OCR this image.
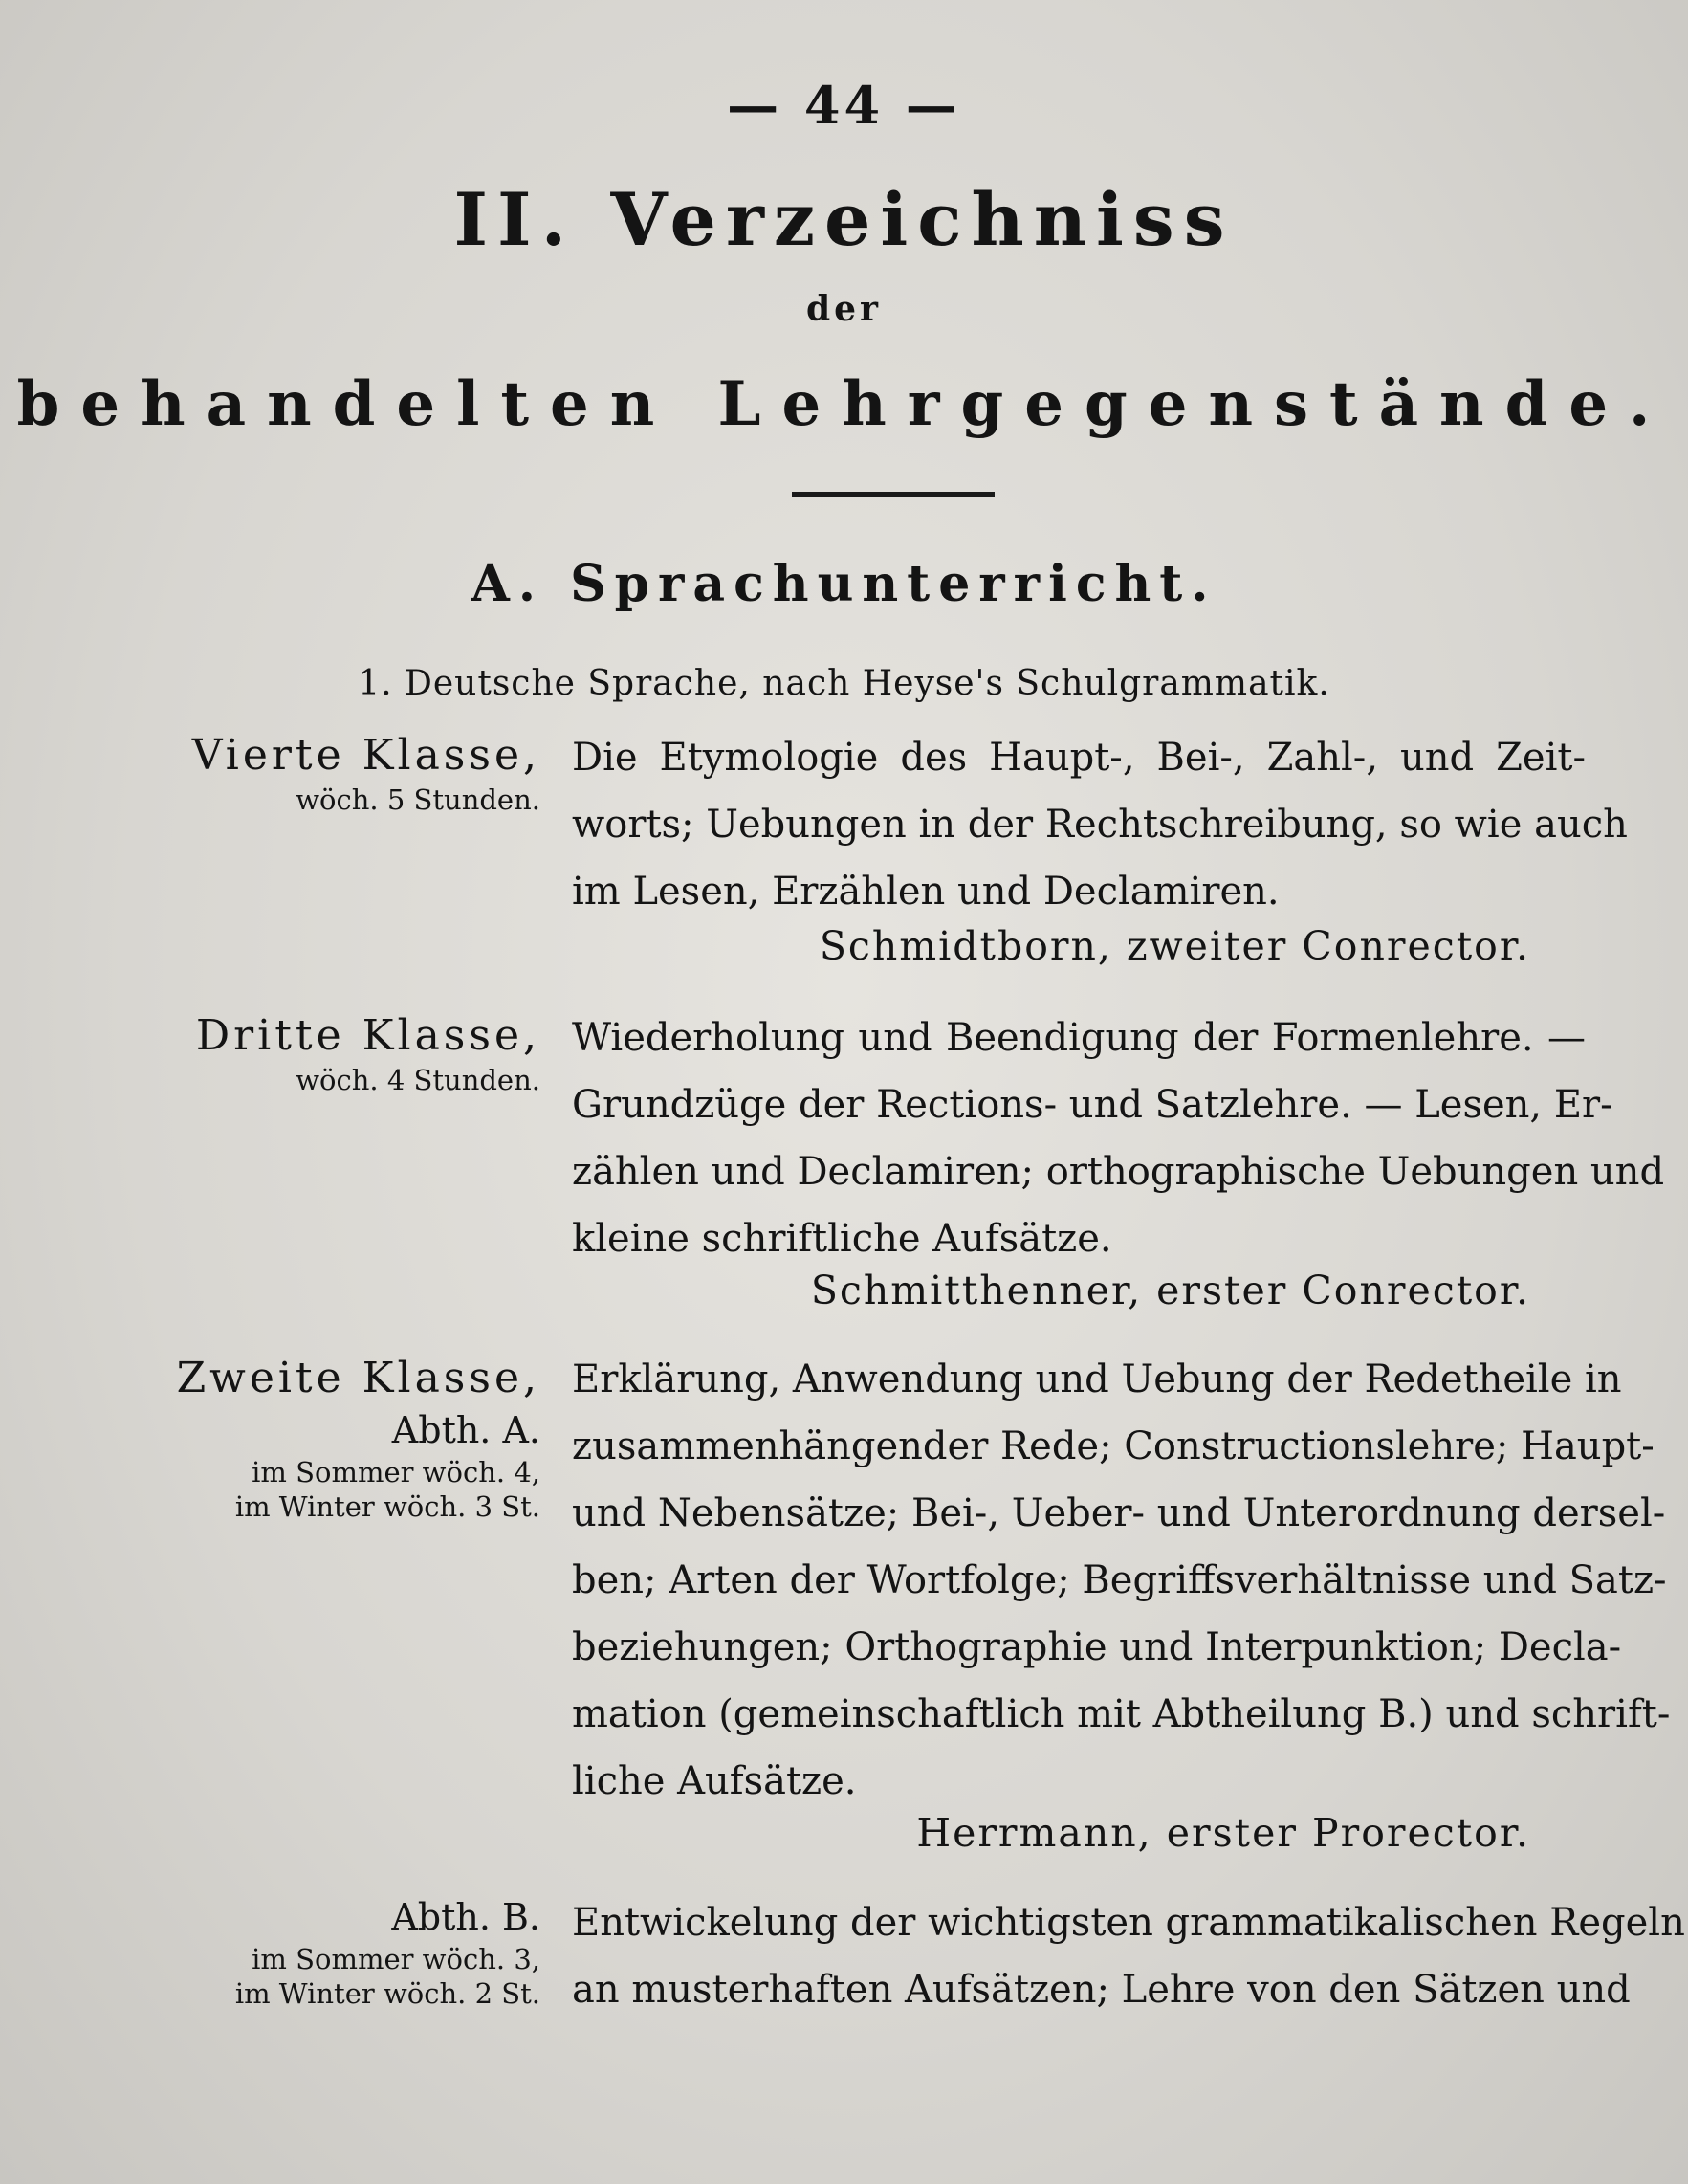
— 44 —
II. Verzeichniss
der
behandelten Lehrgegenstände.
A. Sprachunterricht.
1. Deutsche Sprache, nach Heyse's Schulgrammatik.
Vierte Klasse,
wöch. 5 Stunden.
Die Etymologie des Haupt-, Bei-, Zahl-, und Zeit-
worts; Uebungen in der Rechtschreibung, so wie auch
im Lesen, Erzählen und Declamiren.
Schmidtborn, zweiter Conrector.
Dritte Klasse,
wöch. 4 Stunden.
Wiederholung und Beendigung der Formenlehre. —
Grundzüge der Rections- und Satzlehre. — Lesen, Er-
zählen und Declamiren; orthographische Uebungen und
kleine schriftliche Aufsätze.
Schmitthenner, erster Conrector.
Zweite Klasse,
Abth. A.
im Sommer wöch. 4,
im Winter wöch. 3 St.
Erklärung, Anwendung und Uebung der Redetheile in
zusammenhängender Rede; Constructionslehre; Haupt-
und Nebensätze; Bei-, Ueber- und Unterordnung dersel-
ben; Arten der Wortfolge; Begriffsverhältnisse und Satz-
beziehungen; Orthographie und Interpunktion; Decla-
mation (gemeinschaftlich mit Abtheilung B.) und schrift-
liche Aufsätze.
Herrmann, erster Prorector.
Abth. B.
im Sommer wöch. 3,
im Winter wöch. 2 St.
Entwickelung der wichtigsten grammatikalischen Regeln
an musterhaften Aufsätzen; Lehre von den Sätzen und
